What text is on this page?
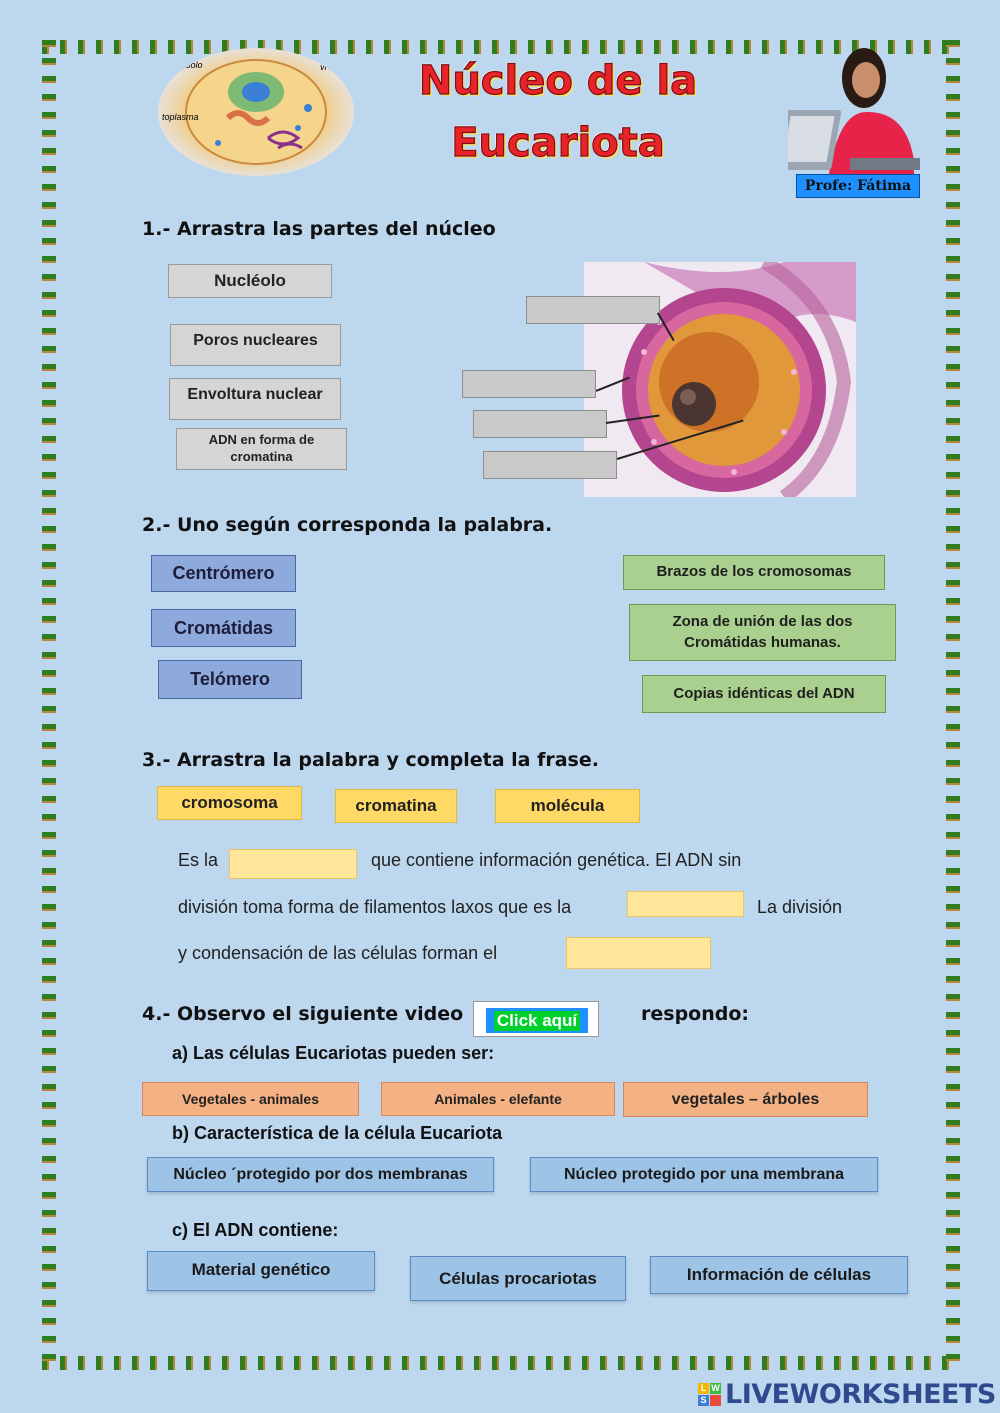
solo
toplasma
vi	Núcleo de la
Eucariota
Profe: Fátima
1.- Arrastra las partes del núcleo
Nucléolo
Poros nucleares
Envoltura nuclear
ADN en forma de cromatina
2.- Uno según corresponda la palabra.
Centrómero
Cromátidas
Telómero
Brazos de los cromosomas
Zona de unión de las dos Cromátidas humanas.
Copias idénticas del ADN
3.- Arrastra la palabra y completa la frase.
cromosoma	cromatina	molécula
Es la	que contiene información genética. El ADN sin
división toma forma de filamentos laxos que es la	La división
y condensación de las células forman el
4.- Observo el siguiente video Click aquí	respondo:
a) Las células Eucariotas pueden ser:
Vegetales - animales	Animales - elefante	vegetales – árboles
b) Característica de la célula Eucariota
Núcleo ´protegido por dos membranas	Núcleo protegido por una membrana
c) El ADN contiene:
Material genético	Células procariotas	Información de células
L W
S LIVEWORKSHEETS
